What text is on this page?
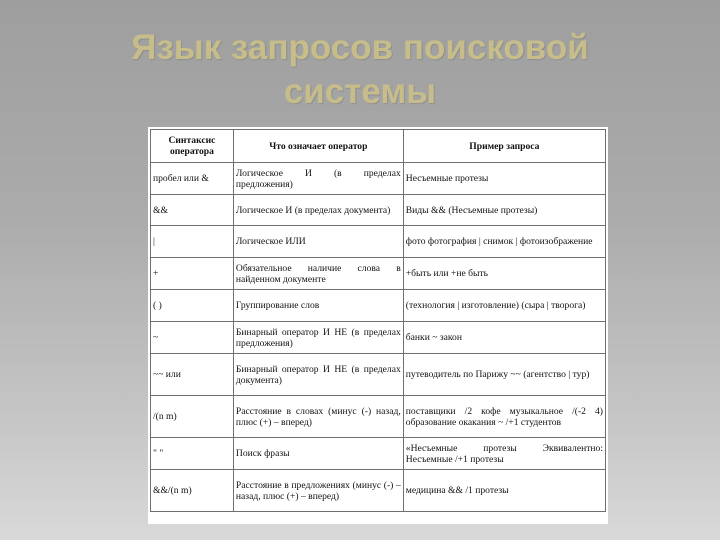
Язык запросов поисковой
системы
Синтаксис оператора	Что означает оператор	Пример запроса
пробел или &	Логическое И (в пределах предложения)	Несъемные протезы
&&	Логическое И (в пределах документа)	Виды && (Несъемные протезы)
|	Логическое ИЛИ	фото фотография | снимок | фотоизображение
+	Обязательное наличие слова в найденном документе	+быть или +не быть
( )	Группирование слов	(технология | изготовление) (сыра | творога)
~	Бинарный оператор И НЕ (в пределах предложения)	банки ~ закон
~~ или	Бинарный оператор И НЕ (в пределах документа)	путеводитель по Парижу ~~ (агентство | тур)
/(n m)	Расстояние в словах (минус (-) назад, плюс (+) – вперед)	поставщики /2 кофе музыкальное /(-2 4) образование окакания ~ /+1 студентов
" "	Поиск фразы	«Несъемные протезы Эквивалентно: Несъемные /+1 протезы
&&/(n m)	Расстояние в предложениях (минус (-) – назад, плюс (+) – вперед)	медицина && /1 протезы
